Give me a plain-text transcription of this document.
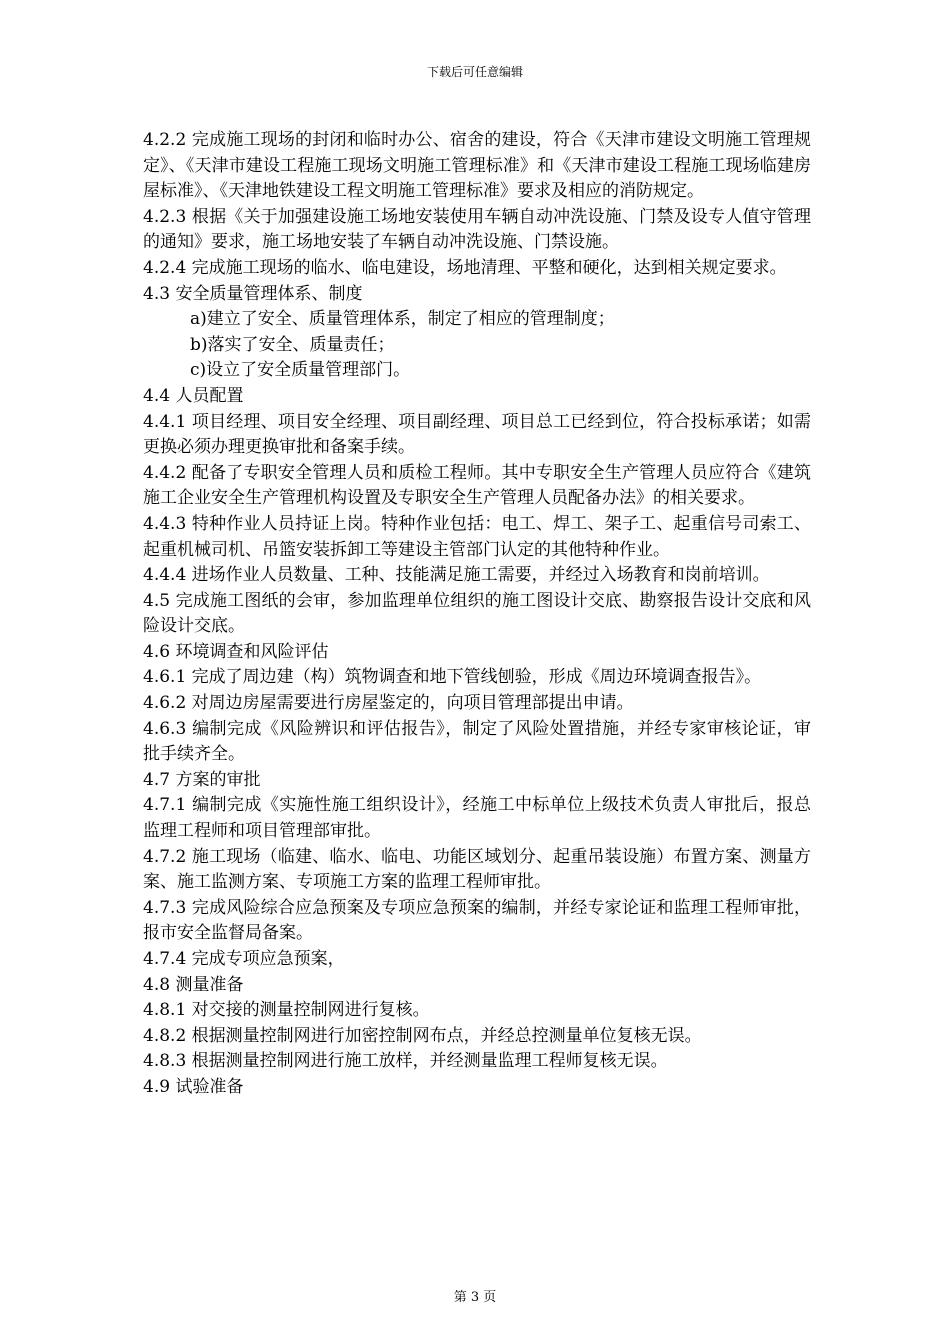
下载后可任意编辑

4.2.2 完成施工现场的封闭和临时办公、宿舍的建设，符合《天津市建设文明施工管理规定》、《天津市建设工程施工现场文明施工管理标准》和《天津市建设工程施工现场临建房屋标准》、《天津地铁建设工程文明施工管理标准》要求及相应的消防规定。

4.2.3 根据《关于加强建设施工场地安装使用车辆自动冲洗设施、门禁及设专人值守管理的通知》要求，施工场地安装了车辆自动冲洗设施、门禁设施。

4.2.4 完成施工现场的临水、临电建设，场地清理、平整和硬化，达到相关规定要求。

4.3 安全质量管理体系、制度

a)建立了安全、质量管理体系，制定了相应的管理制度；

b)落实了安全、质量责任；

c)设立了安全质量管理部门。

4.4 人员配置

4.4.1 项目经理、项目安全经理、项目副经理、项目总工已经到位，符合投标承诺；如需更换必须办理更换审批和备案手续。

4.4.2 配备了专职安全管理人员和质检工程师。其中专职安全生产管理人员应符合《建筑施工企业安全生产管理机构设置及专职安全生产管理人员配备办法》的相关要求。

4.4.3 特种作业人员持证上岗。特种作业包括：电工、焊工、架子工、起重信号司索工、起重机械司机、吊篮安装拆卸工等建设主管部门认定的其他特种作业。

4.4.4 进场作业人员数量、工种、技能满足施工需要，并经过入场教育和岗前培训。

4.5 完成施工图纸的会审，参加监理单位组织的施工图设计交底、勘察报告设计交底和风险设计交底。

4.6 环境调查和风险评估

4.6.1 完成了周边建（构）筑物调查和地下管线刨验，形成《周边环境调查报告》。

4.6.2 对周边房屋需要进行房屋鉴定的，向项目管理部提出申请。

4.6.3 编制完成《风险辨识和评估报告》，制定了风险处置措施，并经专家审核论证，审批手续齐全。

4.7 方案的审批

4.7.1 编制完成《实施性施工组织设计》，经施工中标单位上级技术负责人审批后，报总监理工程师和项目管理部审批。

4.7.2 施工现场（临建、临水、临电、功能区域划分、起重吊装设施）布置方案、测量方案、施工监测方案、专项施工方案的监理工程师审批。

4.7.3 完成风险综合应急预案及专项应急预案的编制，并经专家论证和监理工程师审批，报市安全监督局备案。

4.7.4 完成专项应急预案，

4.8 测量准备

4.8.1 对交接的测量控制网进行复核。

4.8.2 根据测量控制网进行加密控制网布点，并经总控测量单位复核无误。

4.8.3 根据测量控制网进行施工放样，并经测量监理工程师复核无误。

4.9 试验准备

第 3 页
